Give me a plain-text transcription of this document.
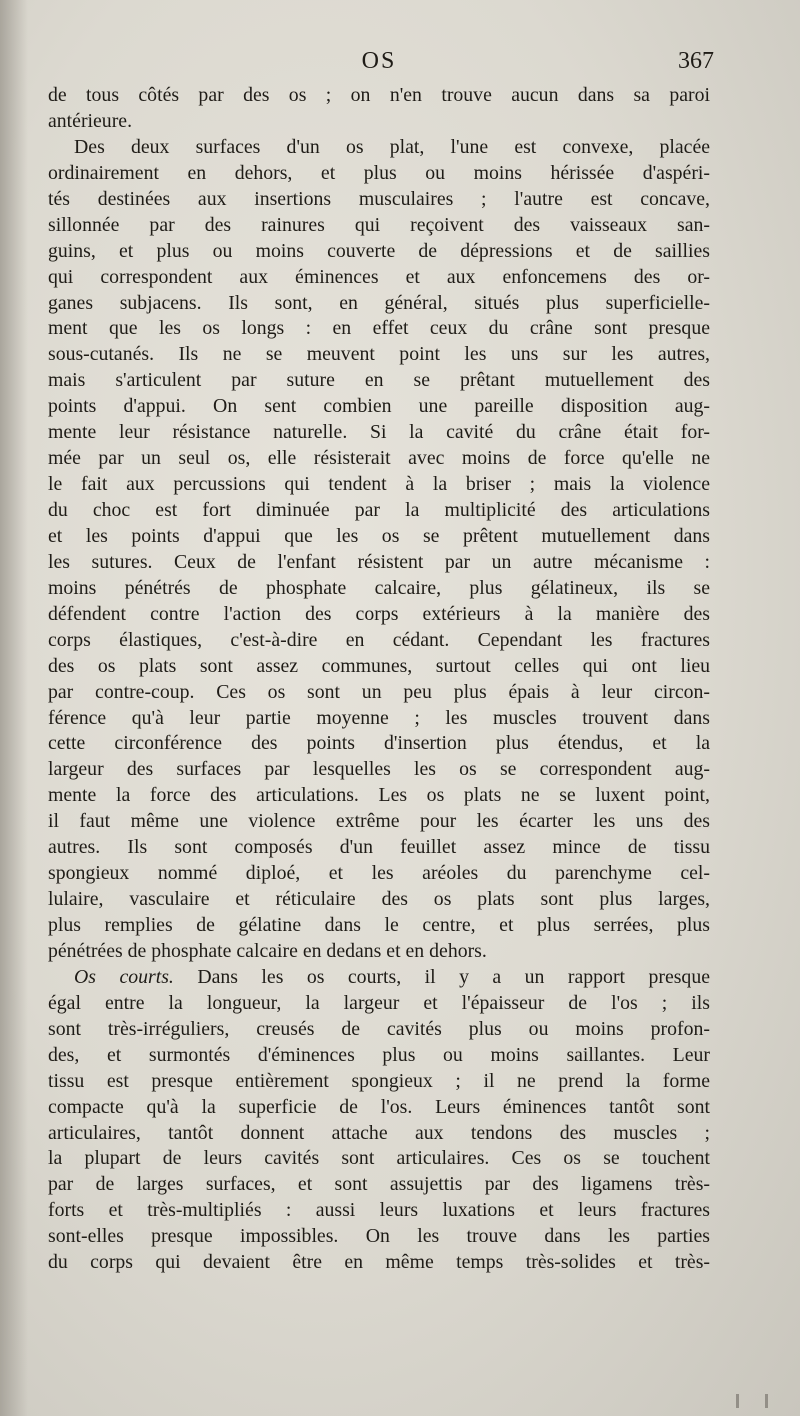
OS	367
de tous côtés par des os ; on n'en trouve aucun dans sa paroi
antérieure.
Des deux surfaces d'un os plat, l'une est convexe, placée
ordinairement en dehors, et plus ou moins hérissée d'aspéri-
tés destinées aux insertions musculaires ; l'autre est concave,
sillonnée par des rainures qui reçoivent des vaisseaux san-
guins, et plus ou moins couverte de dépressions et de saillies
qui correspondent aux éminences et aux enfoncemens des or-
ganes subjacens. Ils sont, en général, situés plus superficielle-
ment que les os longs : en effet ceux du crâne sont presque
sous-cutanés. Ils ne se meuvent point les uns sur les autres,
mais s'articulent par suture en se prêtant mutuellement des
points d'appui. On sent combien une pareille disposition aug-
mente leur résistance naturelle. Si la cavité du crâne était for-
mée par un seul os, elle résisterait avec moins de force qu'elle ne
le fait aux percussions qui tendent à la briser ; mais la violence
du choc est fort diminuée par la multiplicité des articulations
et les points d'appui que les os se prêtent mutuellement dans
les sutures. Ceux de l'enfant résistent par un autre mécanisme :
moins pénétrés de phosphate calcaire, plus gélatineux, ils se
défendent contre l'action des corps extérieurs à la manière des
corps élastiques, c'est-à-dire en cédant. Cependant les fractures
des os plats sont assez communes, surtout celles qui ont lieu
par contre-coup. Ces os sont un peu plus épais à leur circon-
férence qu'à leur partie moyenne ; les muscles trouvent dans
cette circonférence des points d'insertion plus étendus, et la
largeur des surfaces par lesquelles les os se correspondent aug-
mente la force des articulations. Les os plats ne se luxent point,
il faut même une violence extrême pour les écarter les uns des
autres. Ils sont composés d'un feuillet assez mince de tissu
spongieux nommé diploé, et les aréoles du parenchyme cel-
lulaire, vasculaire et réticulaire des os plats sont plus larges,
plus remplies de gélatine dans le centre, et plus serrées, plus
pénétrées de phosphate calcaire en dedans et en dehors.
Os courts. Dans les os courts, il y a un rapport presque
égal entre la longueur, la largeur et l'épaisseur de l'os ; ils
sont très-irréguliers, creusés de cavités plus ou moins profon-
des, et surmontés d'éminences plus ou moins saillantes. Leur
tissu est presque entièrement spongieux ; il ne prend la forme
compacte qu'à la superficie de l'os. Leurs éminences tantôt sont
articulaires, tantôt donnent attache aux tendons des muscles ;
la plupart de leurs cavités sont articulaires. Ces os se touchent
par de larges surfaces, et sont assujettis par des ligamens très-
forts et très-multipliés : aussi leurs luxations et leurs fractures
sont-elles presque impossibles. On les trouve dans les parties
du corps qui devaient être en même temps très-solides et très-
